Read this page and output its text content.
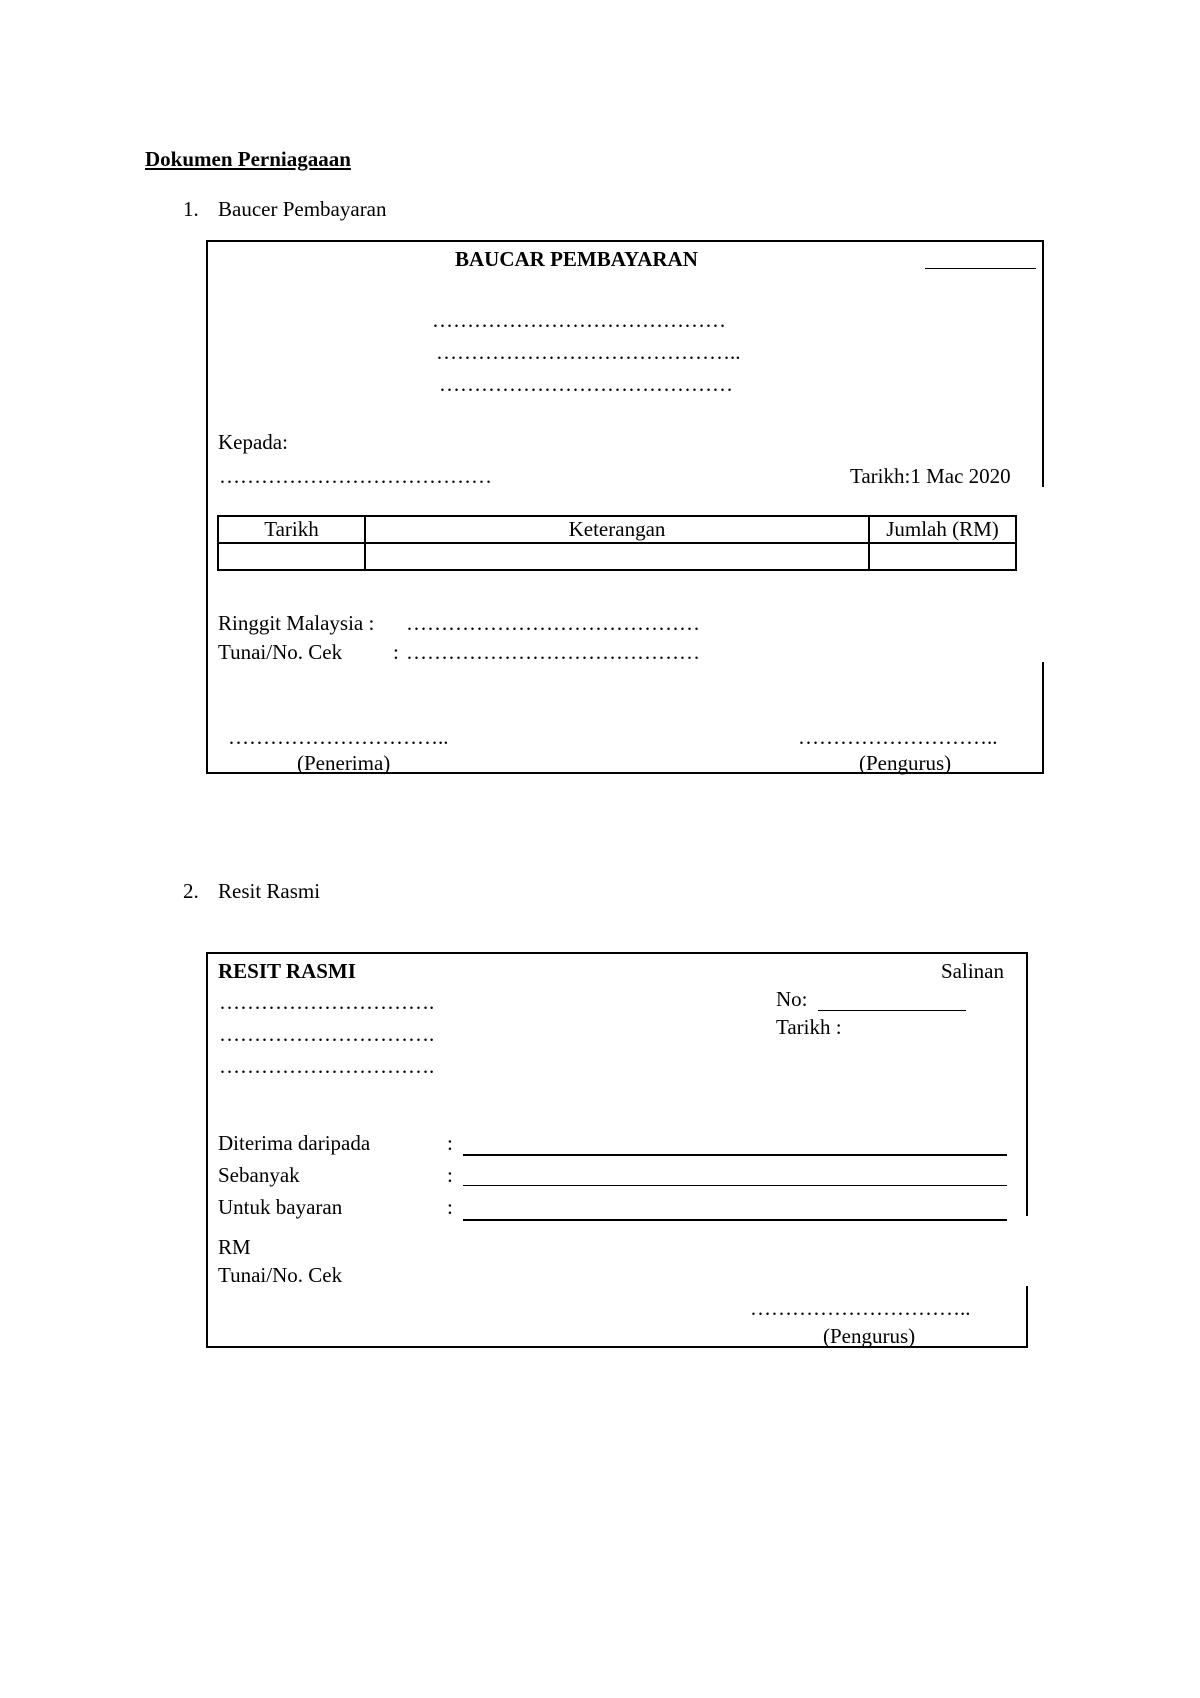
Dokumen Perniagaaan
1. Baucer Pembayaran
BAUCAR PEMBAYARAN
……………………………………
……………………………………..
……………………………………
Kepada:
…………………………………	Tarikh:1 Mac 2020
Tarikh	Keterangan	Jumlah (RM)

Ringgit Malaysia : ……………………………………
Tunai/No. Cek : ……………………………………
…………………………..
(Penerima)
………………………..
(Pengurus)
2. Resit Rasmi
RESIT RASMI	Salinan
………………………….
………………………….
………………………….
No:
Tarikh :
Diterima daripada	:
Sebanyak	:
Untuk bayaran	:
RM
Tunai/No. Cek
…………………………..
(Pengurus)
